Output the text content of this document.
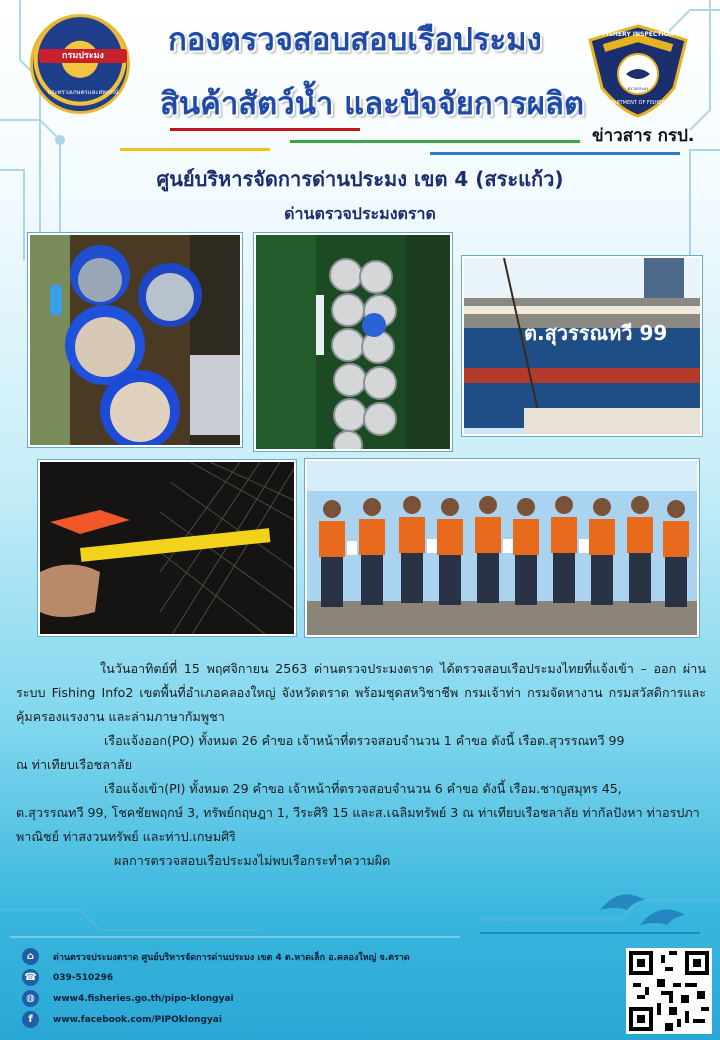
กรมประมง
กระทรวงเกษตรและสหกรณ์
FISHERY INSPECTION
DEPARTMENT OF FISHERIES
ตรวจประมง
กองตรวจสอบสอบเรือประมง
สินค้าสัตว์น้ำ และปัจจัยการผลิต
ข่าวสาร กรป.
ศูนย์บริหารจัดการด่านประมง เขต 4 (สระแก้ว)
ด่านตรวจประมงตราด
ต.สุวรรณทวี 99

ในวันอาทิตย์ที่ 15 พฤศจิกายน 2563 ด่านตรวจประมงตราด ได้ตรวจสอบเรือประมงไทยที่แจ้งเข้า – ออก ผ่านระบบ Fishing Info2 เขตพื้นที่อำเภอคลองใหญ่ จังหวัดตราด พร้อมชุดสหวิชาชีพ กรมเจ้าท่า กรมจัดหางาน กรมสวัสดิการและคุ้มครองแรงงาน และล่ามภาษากัมพูชา

เรือแจ้งออก(PO) ทั้งหมด 26 คำขอ เจ้าหน้าที่ตรวจสอบจำนวน 1 คำขอ ดังนี้ เรือต.สุวรรณทวี 99

ณ ท่าเทียบเรือชลาลัย

เรือแจ้งเข้า(PI) ทั้งหมด 29 คำขอ เจ้าหน้าที่ตรวจสอบจำนวน 6 คำขอ ดังนี้ เรือม.ชาญสมุทร 45,

ต.สุวรรณทวี 99, โชคชัยพฤกษ์ 3, ทรัพย์กฤษฎา 1, วีระศิริ 15 และส.เฉลิมทรัพย์ 3 ณ ท่าเทียบเรือชลาลัย ท่ากัลปังหา ท่าอรปภาพาณิชย์ ท่าสงวนทรัพย์ และท่าป.เกษมศิริ

ผลการตรวจสอบเรือประมงไม่พบเรือกระทำความผิด

⌂	ด่านตรวจประมงตราด ศูนย์บริหารจัดการด่านประมง เขต 4 ต.หาดเล็ก อ.คลองใหญ่ จ.ตราด
☎ 039-510296
◍	www4.fisheries.go.th/pipo-klongyai
f	www.facebook.com/PIPOklongyai
